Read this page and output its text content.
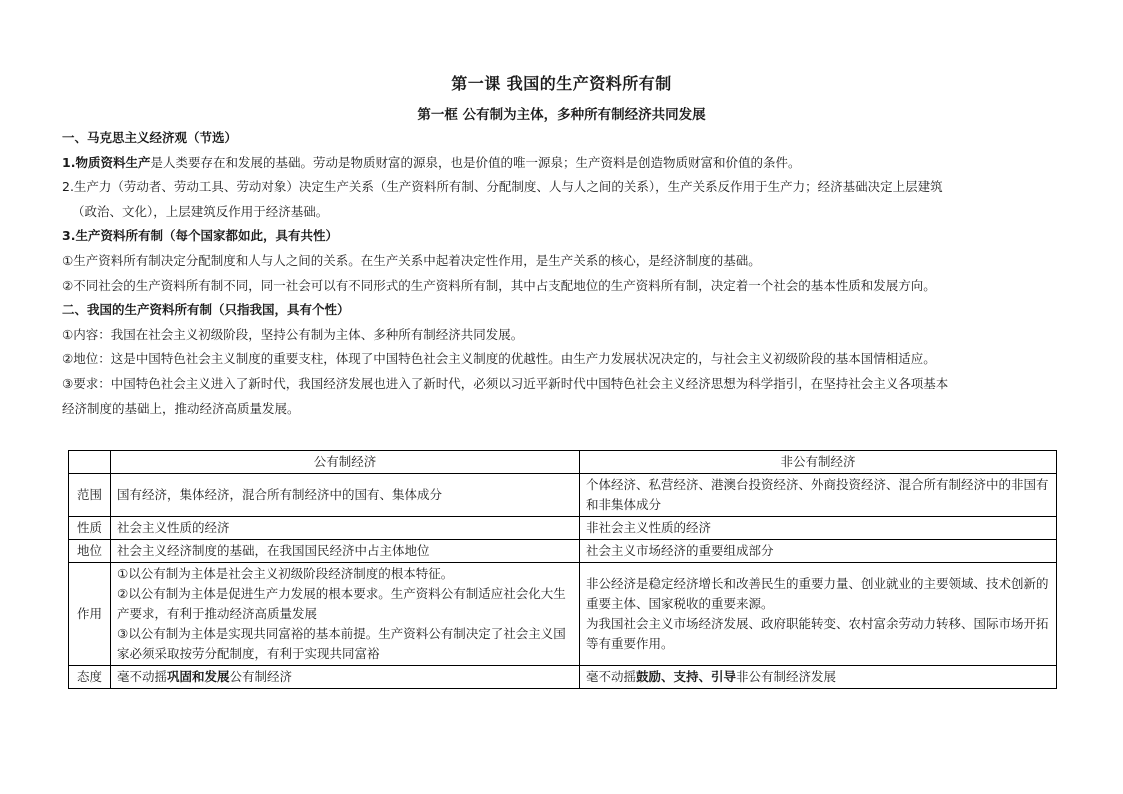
第一课 我国的生产资料所有制
第一框 公有制为主体，多种所有制经济共同发展

一、马克思主义经济观（节选）

1.物质资料生产是人类要存在和发展的基础。劳动是物质财富的源泉，也是价值的唯一源泉；生产资料是创造物质财富和价值的条件。

2.生产力（劳动者、劳动工具、劳动对象）决定生产关系（生产资料所有制、分配制度、人与人之间的关系），生产关系反作用于生产力；经济基础决定上层建筑

（政治、文化），上层建筑反作用于经济基础。

3.生产资料所有制（每个国家都如此，具有共性）

①生产资料所有制决定分配制度和人与人之间的关系。在生产关系中起着决定性作用，是生产关系的核心，是经济制度的基础。

②不同社会的生产资料所有制不同，同一社会可以有不同形式的生产资料所有制，其中占支配地位的生产资料所有制，决定着一个社会的基本性质和发展方向。

二、我国的生产资料所有制（只指我国，具有个性）

①内容：我国在社会主义初级阶段，坚持公有制为主体、多种所有制经济共同发展。

②地位：这是中国特色社会主义制度的重要支柱，体现了中国特色社会主义制度的优越性。由生产力发展状况决定的，与社会主义初级阶段的基本国情相适应。

③要求：中国特色社会主义进入了新时代，我国经济发展也进入了新时代，必须以习近平新时代中国特色社会主义经济思想为科学指引，在坚持社会主义各项基本

经济制度的基础上，推动经济高质量发展。

	公有制经济	非公有制经济
范围	国有经济，集体经济，混合所有制经济中的国有、集体成分	个体经济、私营经济、港澳台投资经济、外商投资经济、混合所有制经济中的非国有和非集体成分
性质	社会主义性质的经济	非社会主义性质的经济
地位	社会主义经济制度的基础，在我国国民经济中占主体地位	社会主义市场经济的重要组成部分
作用	①以公有制为主体是社会主义初级阶段经济制度的根本特征。
②以公有制为主体是促进生产力发展的根本要求。生产资料公有制适应社会化大生产要求，有利于推动经济高质量发展
③以公有制为主体是实现共同富裕的基本前提。生产资料公有制决定了社会主义国家必须采取按劳分配制度，有利于实现共同富裕	非公经济是稳定经济增长和改善民生的重要力量、创业就业的主要领域、技术创新的重要主体、国家税收的重要来源。
为我国社会主义市场经济发展、政府职能转变、农村富余劳动力转移、国际市场开拓等有重要作用。

态度	毫不动摇巩固和发展公有制经济	毫不动摇鼓励、支持、引导非公有制经济发展
